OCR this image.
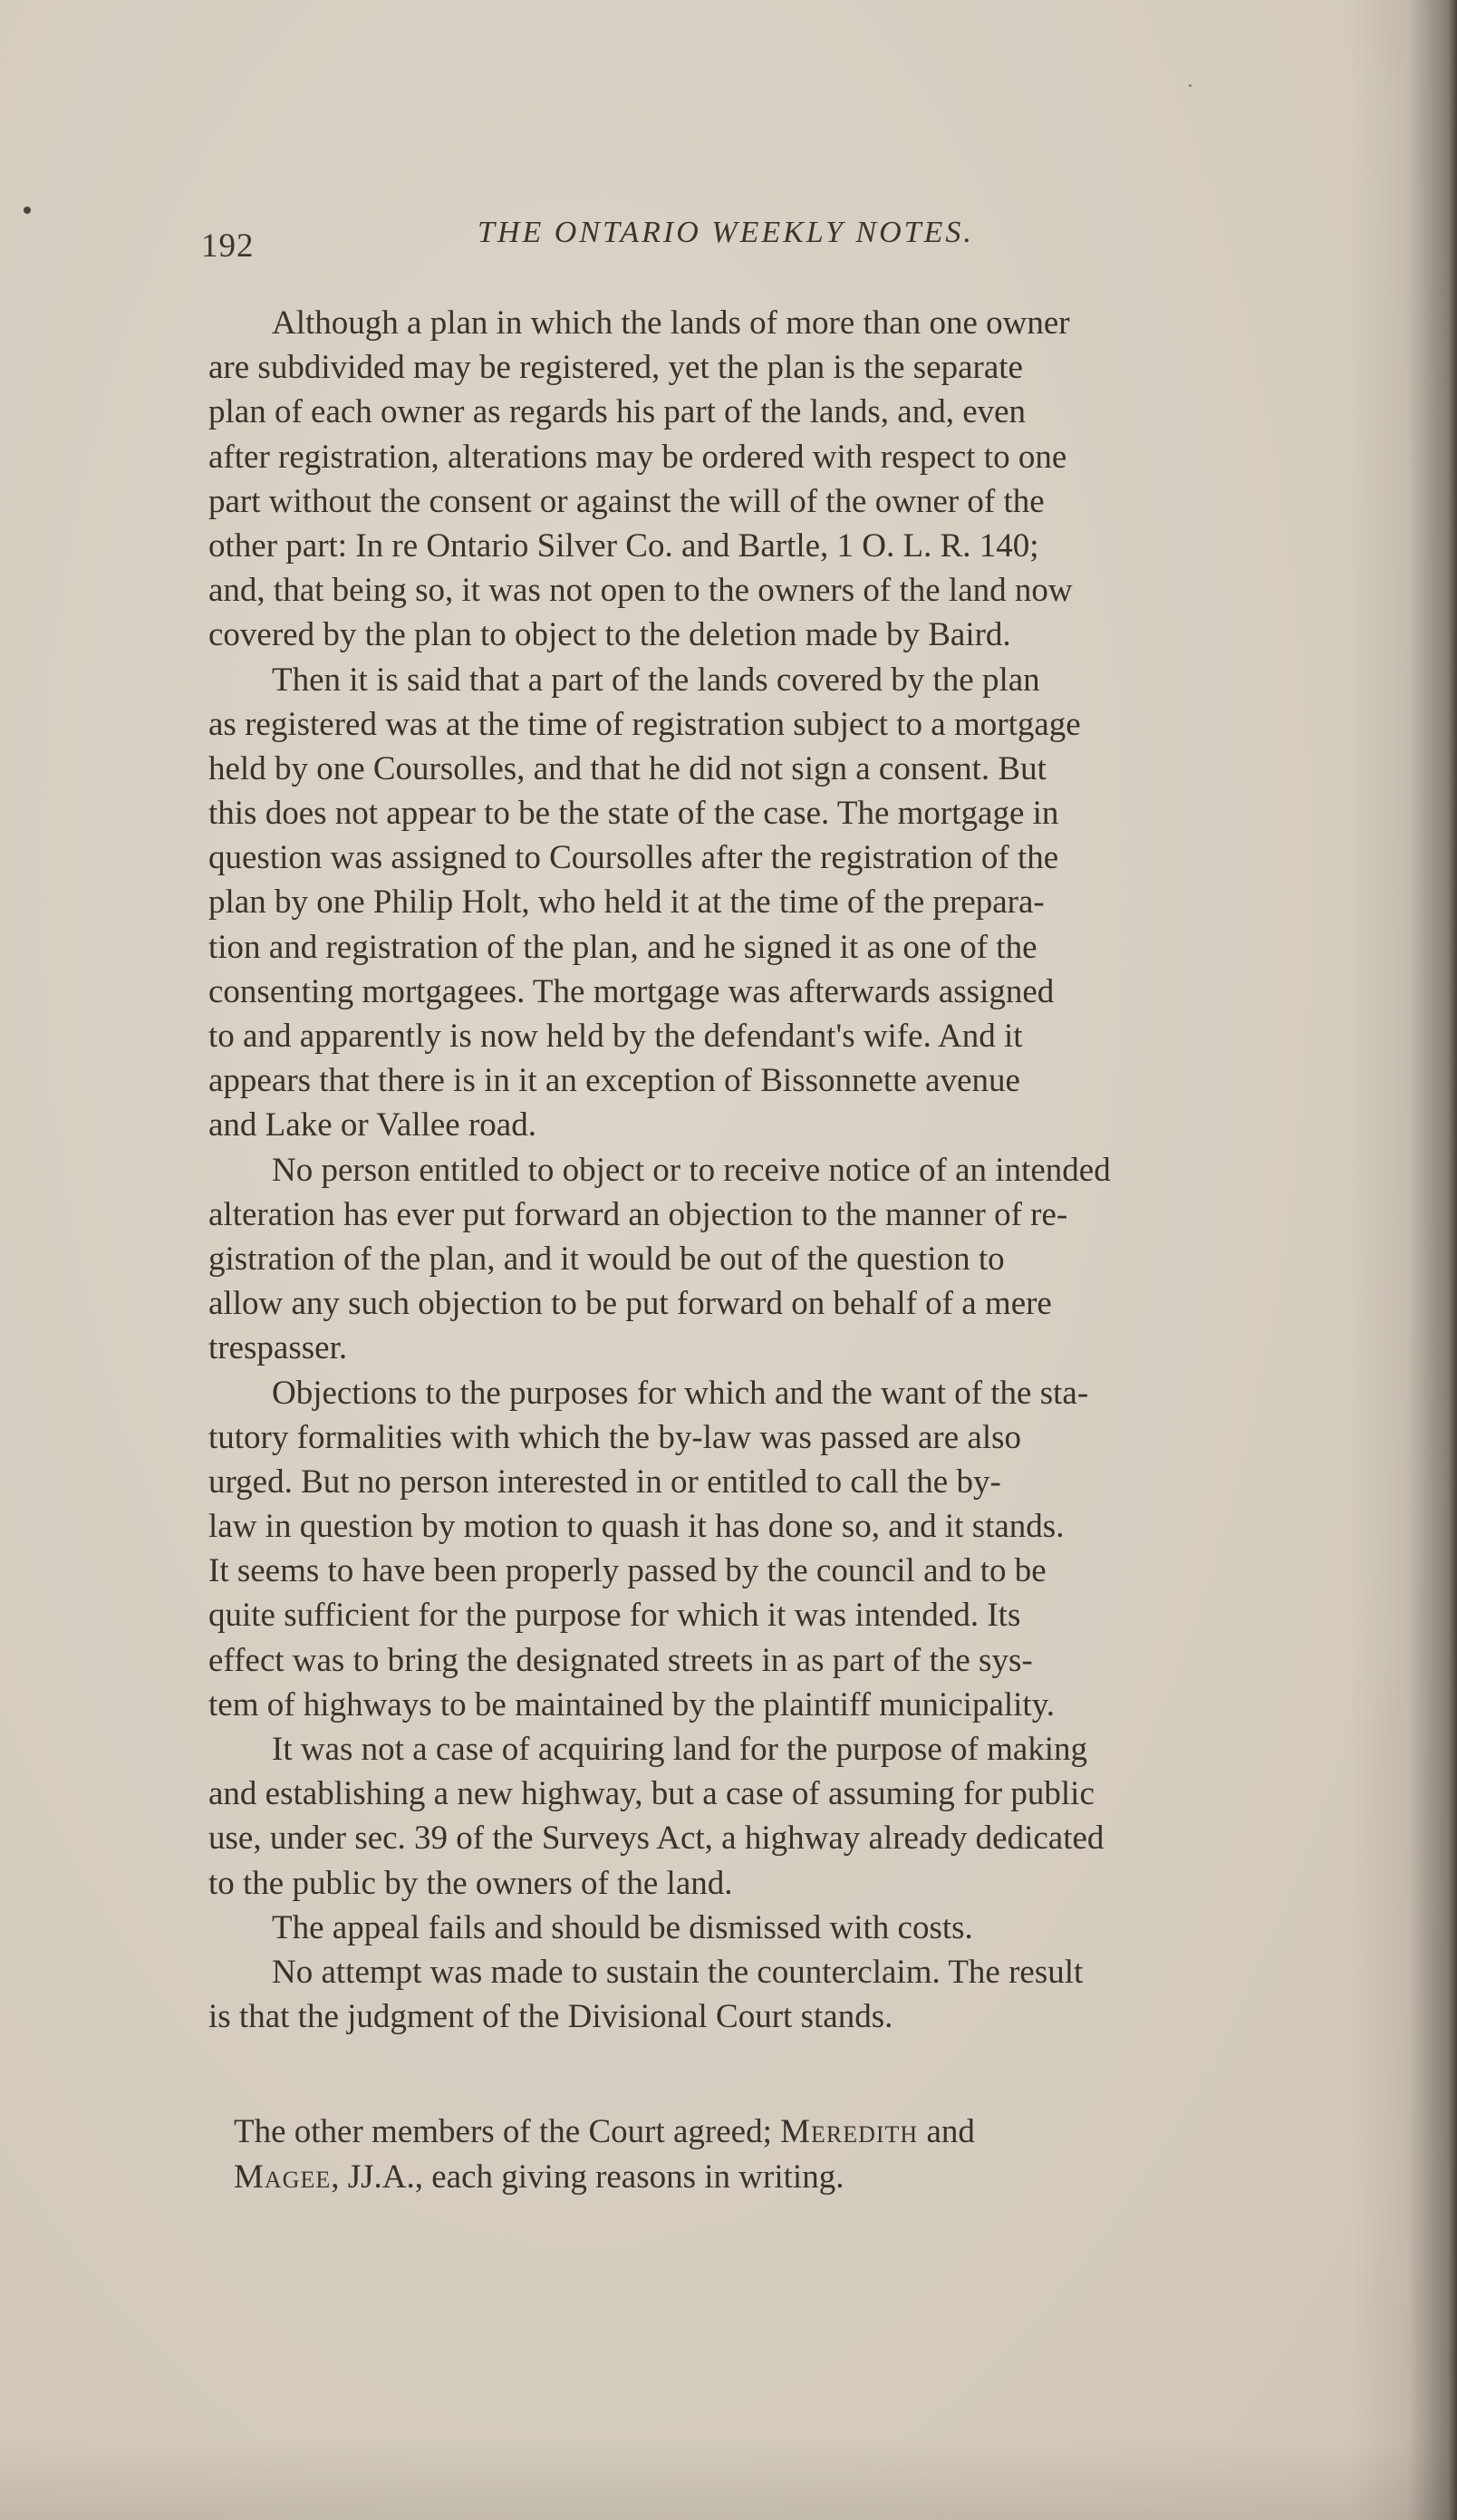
192	THE ONTARIO WEEKLY NOTES.
Although a plan in which the lands of more than one owner
are subdivided may be registered, yet the plan is the separate
plan of each owner as regards his part of the lands, and, even
after registration, alterations may be ordered with respect to one
part without the consent or against the will of the owner of the
other part: In re Ontario Silver Co. and Bartle, 1 O. L. R. 140;
and, that being so, it was not open to the owners of the land now
covered by the plan to object to the deletion made by Baird.
Then it is said that a part of the lands covered by the plan
as registered was at the time of registration subject to a mortgage
held by one Coursolles, and that he did not sign a consent. But
this does not appear to be the state of the case. The mortgage in
question was assigned to Coursolles after the registration of the
plan by one Philip Holt, who held it at the time of the prepara-
tion and registration of the plan, and he signed it as one of the
consenting mortgagees. The mortgage was afterwards assigned
to and apparently is now held by the defendant's wife. And it
appears that there is in it an exception of Bissonnette avenue
and Lake or Vallee road.
No person entitled to object or to receive notice of an intended
alteration has ever put forward an objection to the manner of re-
gistration of the plan, and it would be out of the question to
allow any such objection to be put forward on behalf of a mere
trespasser.
Objections to the purposes for which and the want of the sta-
tutory formalities with which the by-law was passed are also
urged. But no person interested in or entitled to call the by-
law in question by motion to quash it has done so, and it stands.
It seems to have been properly passed by the council and to be
quite sufficient for the purpose for which it was intended. Its
effect was to bring the designated streets in as part of the sys-
tem of highways to be maintained by the plaintiff municipality.
It was not a case of acquiring land for the purpose of making
and establishing a new highway, but a case of assuming for public
use, under sec. 39 of the Surveys Act, a highway already dedicated
to the public by the owners of the land.
The appeal fails and should be dismissed with costs.
No attempt was made to sustain the counterclaim. The result
is that the judgment of the Divisional Court stands.
The other members of the Court agreed; Meredith and
Magee, JJ.A., each giving reasons in writing.
